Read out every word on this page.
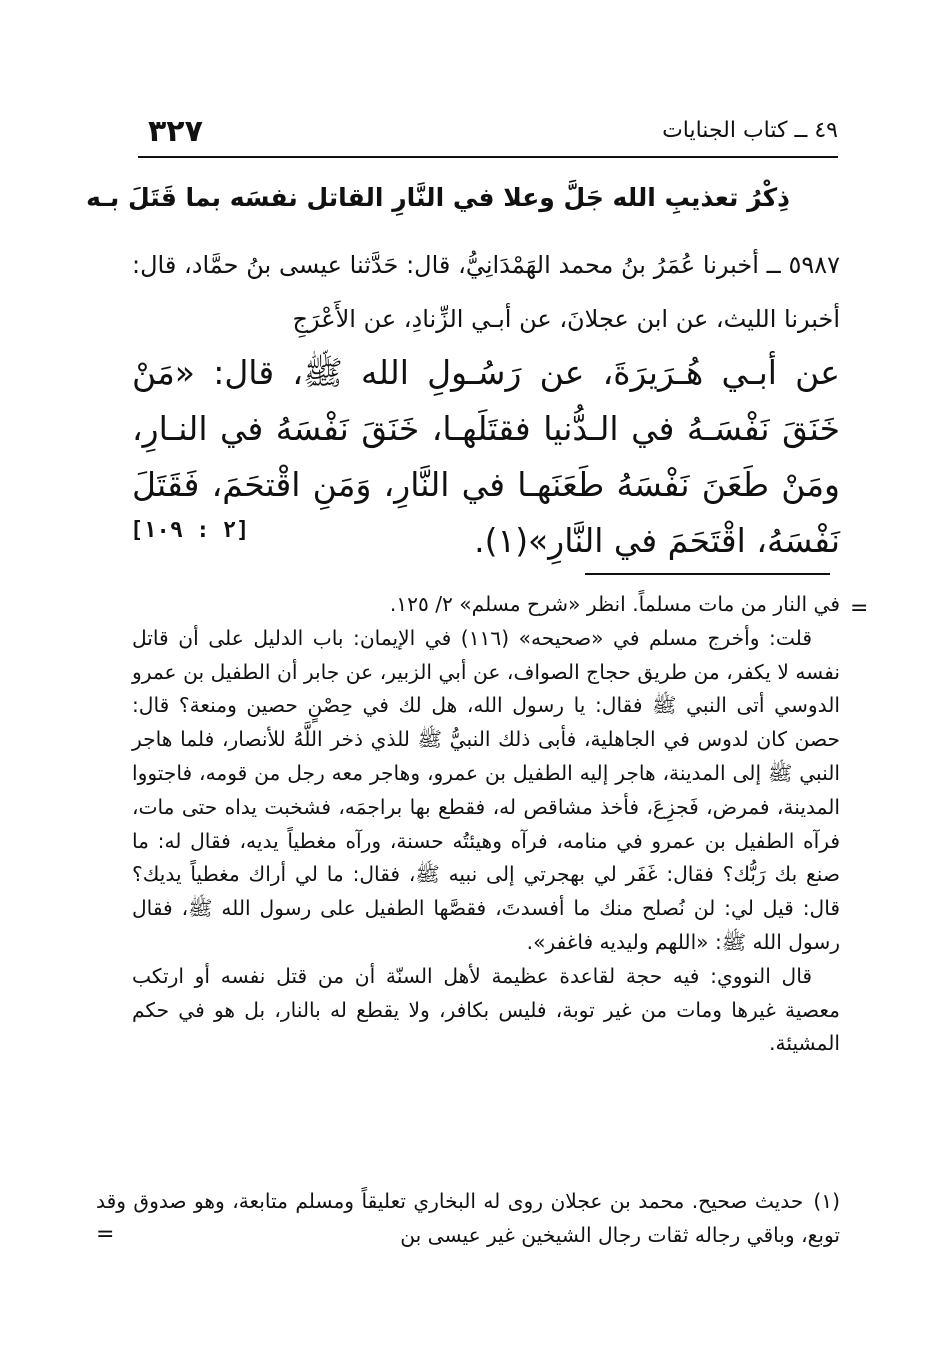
٣٢٧	٤٩ ــ كتاب الجنايات
ذِكْرُ تعذيبِ الله جَلَّ وعلا في النَّارِ القاتل نفسَه بما قَتَلَ بـه
٥٩٨٧ ــ أخبرنا عُمَرُ بنُ محمد الهَمْدَانِيُّ، قال: حَدَّثنا عيسى بنُ حمَّاد، قال: أخبرنا الليث، عن ابن عجلانَ، عن أبـي الزِّنادِ، عن الأَعْرَجِ
عن أبـي هُـرَيرَةَ، عن رَسُـولِ الله ﷺ، قال: «مَنْ خَنَقَ نَفْسَـهُ في الـدُّنيا فقتَلَهـا، خَنَقَ نَفْسَهُ في النـارِ، ومَنْ طَعَنَ نَفْسَهُ طَعَنَهـا في النَّارِ، وَمَنِ اقْتحَمَ، فَقَتَلَ نَفْسَهُ، اقْتَحَمَ في النَّارِ»(١).
[٢ : ١٠٩]
=

في النار من مات مسلماً. انظر «شرح مسلم» ٢/ ١٢٥.

قلت: وأخرج مسلم في «صحيحه» (١١٦) في الإيمان: باب الدليل على أن قاتل نفسه لا يكفر، من طريق حجاج الصواف، عن أبي الزبير، عن جابر أن الطفيل بن عمرو الدوسي أتى النبي ﷺ فقال: يا رسول الله، هل لك في حِصْنٍ حصين ومنعة؟ قال: حصن كان لدوس في الجاهلية، فأبى ذلك النبيُّ ﷺ للذي ذخر اللَّهُ للأنصار، فلما هاجر النبي ﷺ إلى المدينة، هاجر إليه الطفيل بن عمرو، وهاجر معه رجل من قومه، فاجتووا المدينة، فمرض، فَجزِعَ، فأخذ مشاقص له، فقطع بها براجمَه، فشخبت يداه حتى مات، فرآه الطفيل بن عمرو في منامه، فرآه وهيئتُه حسنة، ورآه مغطياً يديه، فقال له: ما صنع بك رَبُّك؟ فقال: غَفَر لي بهجرتي إلى نبيه ﷺ، فقال: ما لي أراك مغطياً يديك؟ قال: قيل لي: لن نُصلح منك ما أفسدتَ، فقصَّها الطفيل على رسول الله ﷺ، فقال رسول الله ﷺ: «اللهم وليديه فاغفر».

قال النووي: فيه حجة لقاعدة عظيمة لأهل السنّة أن من قتل نفسه أو ارتكب معصية غيرها ومات من غير توبة، فليس بكافر، ولا يقطع له بالنار، بل هو في حكم المشيئة.

(١)حديث صحيح. محمد بن عجلان روى له البخاري تعليقاً ومسلم متابعة، وهو صدوق وقد توبع، وباقي رجاله ثقات رجال الشيخين غير عيسى بن

=
